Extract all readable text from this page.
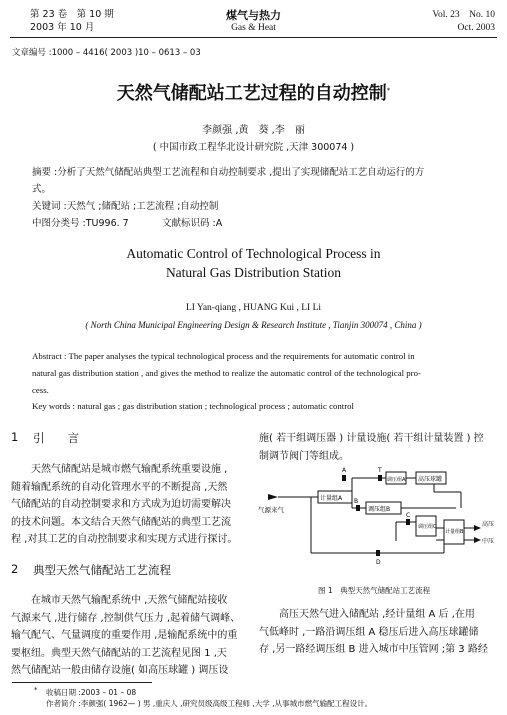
第 23 卷　第 10 期
2003 年 10 月
煤气与热力
Gas & Heat
Vol. 23　No. 10
Oct. 2003
文章编号 :1000 – 4416( 2003 )10 – 0613 – 03
天然气储配站工艺过程的自动控制*
李颜强 ,黄　葵 ,李　丽
( 中国市政工程华北设计研究院 ,天津 300074 )
摘要 :分析了天然气储配站典型工艺流程和自动控制要求 ,提出了实现储配站工艺自动运行的方
式。
关键词 :天然气 ;储配站 ;工艺流程 ;自动控制
中图分类号 :TU996. 7	文献标识码 :A
Automatic Control of Technological Process in
Natural Gas Distribution Station
LI Yan-qiang , HUANG Kui , LI Li
( North China Municipal Engineering Design & Research Institute , Tianjin 300074 , China )
Abstract : The paper analyses the typical technological process and the requirements for automatic control in
natural gas distribution station , and gives the method to realize the automatic control of the technological pro-
cess.
Key words : natural gas ; gas distribution station ; technological process ; automatic control
1 引　　言
　　天然气储配站是城市燃气输配系统重要设施 ,
随着输配系统的自动化管理水平的不断提高 ,天然
气储配站的自动控制要求和方式成为迫切需要解决
的技术问题。本文结合天然气储配站的典型工艺流
程 ,对其工艺的自动控制要求和实现方式进行探讨。
2 典型天然气储配站工艺流程
　　在城市天然气输配系统中 ,天然气储配站接收
气源来气 ,进行储存 ,控制供气压力 ,起着储气调峰、
输气配气、气量调度的重要作用 ,是输配系统中的重
要枢纽。典型天然气储配站的工艺流程见图 1 ,天
然气储配站一般由储存设施( 如高压球罐 ) 调压设
施( 若干组调压器 ) 计量设施( 若干组计量装置 ) 控
制调节阀门等组成。
气源来气
计量组A
调压组A 高压球罐
调压组B
调压组C
计量组B
高压
中压
A	T
B
C
D
图 1　典型天然气储配站工艺流程
　　高压天然气进入储配站 ,经计量组 A 后 ,在用
气低峰时 ,一路沿调压组 A 稳压后进入高压球罐储
存 ,另一路经调压组 B 进入城市中压管网 ;第 3 路经
* 收稿日期 :2003 – 01 – 08
作者简介 :李颜强( 1962— ) 男 ,重庆人 ,研究员级高级工程师 ,大学 ,从事城市燃气输配工程设计。
